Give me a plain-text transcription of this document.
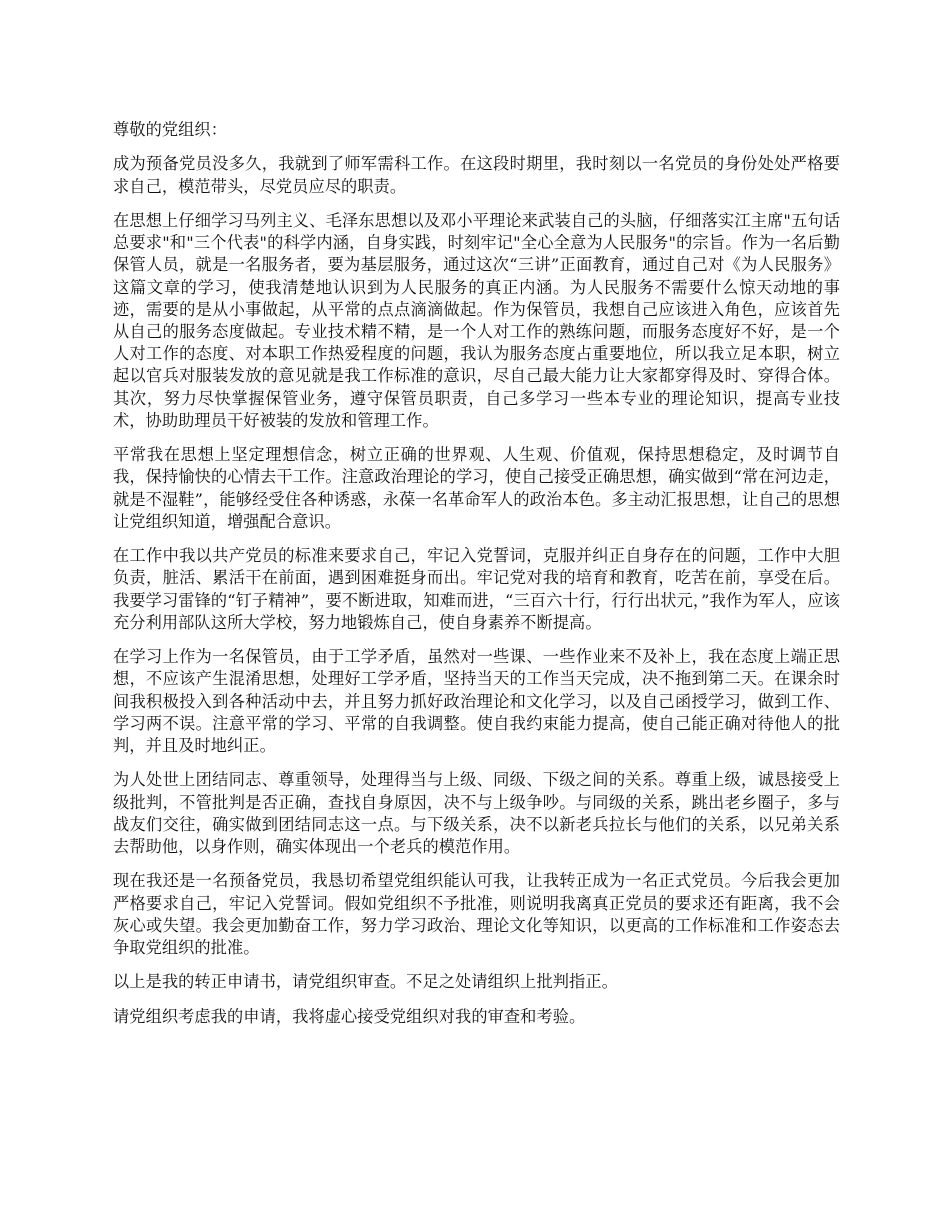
尊敬的党组织：

成为预备党员没多久，我就到了师军需科工作。在这段时期里，我时刻以一名党员的身份处处严格要求自己，模范带头，尽党员应尽的职责。

在思想上仔细学习马列主义、毛泽东思想以及邓小平理论来武装自己的头脑，仔细落实江主席"五句话总要求"和"三个代表"的科学内涵，自身实践，时刻牢记"全心全意为人民服务"的宗旨。作为一名后勤保管人员，就是一名服务者，要为基层服务，通过这次“三讲”正面教育，通过自己对《为人民服务》这篇文章的学习，使我清楚地认识到为人民服务的真正内涵。为人民服务不需要什么惊天动地的事迹，需要的是从小事做起，从平常的点点滴滴做起。作为保管员，我想自己应该进入角色，应该首先从自己的服务态度做起。专业技术精不精，是一个人对工作的熟练问题，而服务态度好不好，是一个人对工作的态度、对本职工作热爱程度的问题，我认为服务态度占重要地位，所以我立足本职，树立起以官兵对服装发放的意见就是我工作标准的意识，尽自己最大能力让大家都穿得及时、穿得合体。其次，努力尽快掌握保管业务，遵守保管员职责，自己多学习一些本专业的理论知识，提高专业技术，协助助理员干好被装的发放和管理工作。

平常我在思想上坚定理想信念，树立正确的世界观、人生观、价值观，保持思想稳定，及时调节自我，保持愉快的心情去干工作。注意政治理论的学习，使自己接受正确思想，确实做到“常在河边走，就是不湿鞋”，能够经受住各种诱惑，永葆一名革命军人的政治本色。多主动汇报思想，让自己的思想让党组织知道，增强配合意识。

在工作中我以共产党员的标准来要求自己，牢记入党誓词，克服并纠正自身存在的问题，工作中大胆负责，脏活、累活干在前面，遇到困难挺身而出。牢记党对我的培育和教育，吃苦在前，享受在后。我要学习雷锋的“钉子精神”，要不断进取，知难而进，“三百六十行，行行出状元，”我作为军人，应该充分利用部队这所大学校，努力地锻炼自己，使自身素养不断提高。

在学习上作为一名保管员，由于工学矛盾，虽然对一些课、一些作业来不及补上，我在态度上端正思想，不应该产生混淆思想，处理好工学矛盾，坚持当天的工作当天完成，决不拖到第二天。在课余时间我积极投入到各种活动中去，并且努力抓好政治理论和文化学习，以及自己函授学习，做到工作、学习两不误。注意平常的学习、平常的自我调整。使自我约束能力提高，使自己能正确对待他人的批判，并且及时地纠正。

为人处世上团结同志、尊重领导，处理得当与上级、同级、下级之间的关系。尊重上级，诚恳接受上级批判，不管批判是否正确，查找自身原因，决不与上级争吵。与同级的关系，跳出老乡圈子，多与战友们交往，确实做到团结同志这一点。与下级关系，决不以新老兵拉长与他们的关系，以兄弟关系去帮助他，以身作则，确实体现出一个老兵的模范作用。

现在我还是一名预备党员，我恳切希望党组织能认可我，让我转正成为一名正式党员。今后我会更加严格要求自己，牢记入党誓词。假如党组织不予批准，则说明我离真正党员的要求还有距离，我不会灰心或失望。我会更加勤奋工作，努力学习政治、理论文化等知识，以更高的工作标准和工作姿态去争取党组织的批准。

以上是我的转正申请书，请党组织审查。不足之处请组织上批判指正。

请党组织考虑我的申请，我将虚心接受党组织对我的审查和考验。
